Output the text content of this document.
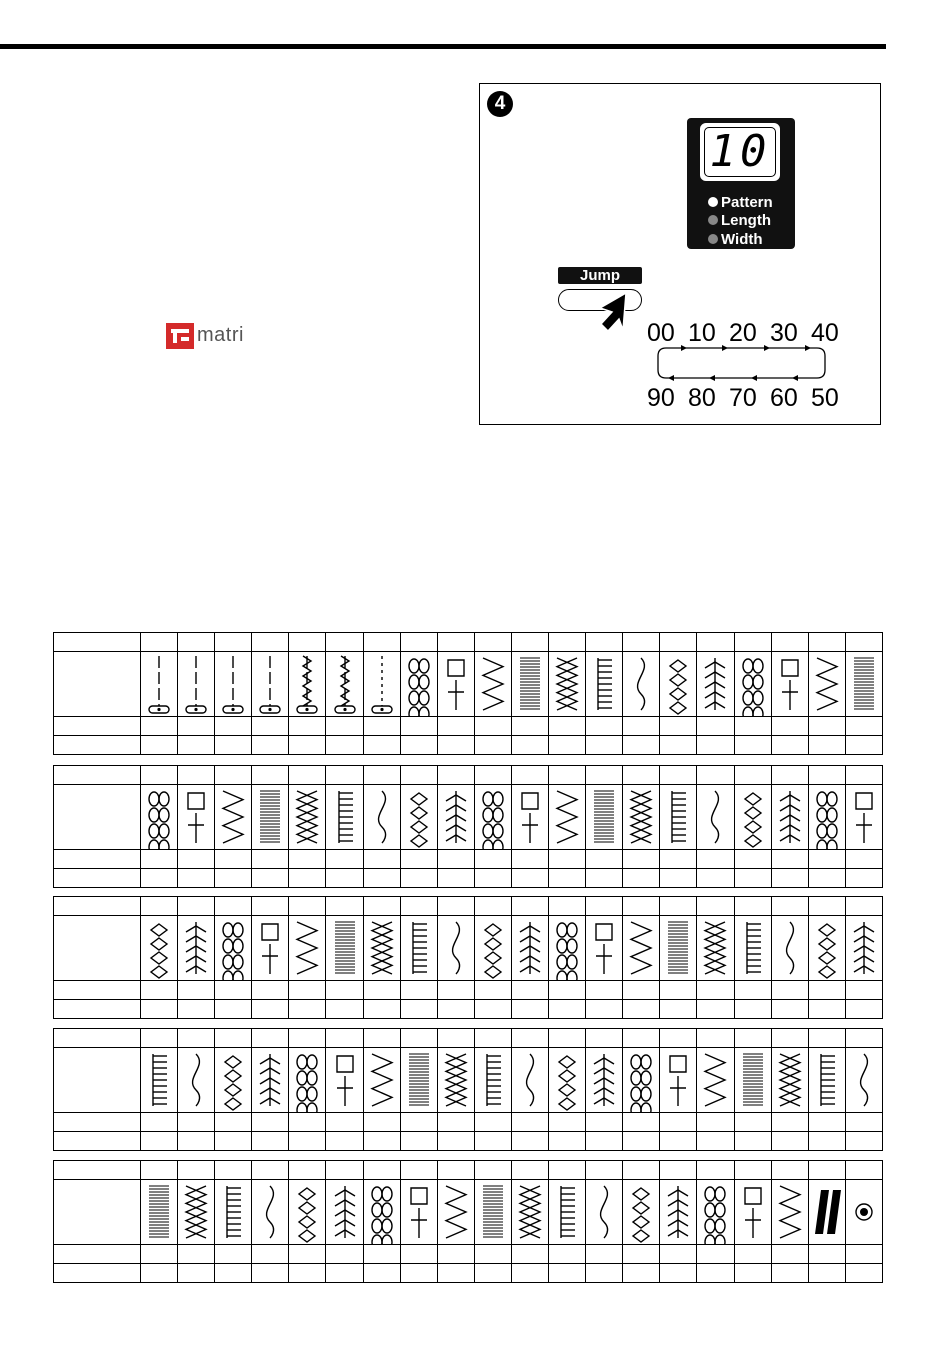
matri
4
10
Pattern
Length
Width
Jump
00 10 20 30 40
90 80 70 60 50
